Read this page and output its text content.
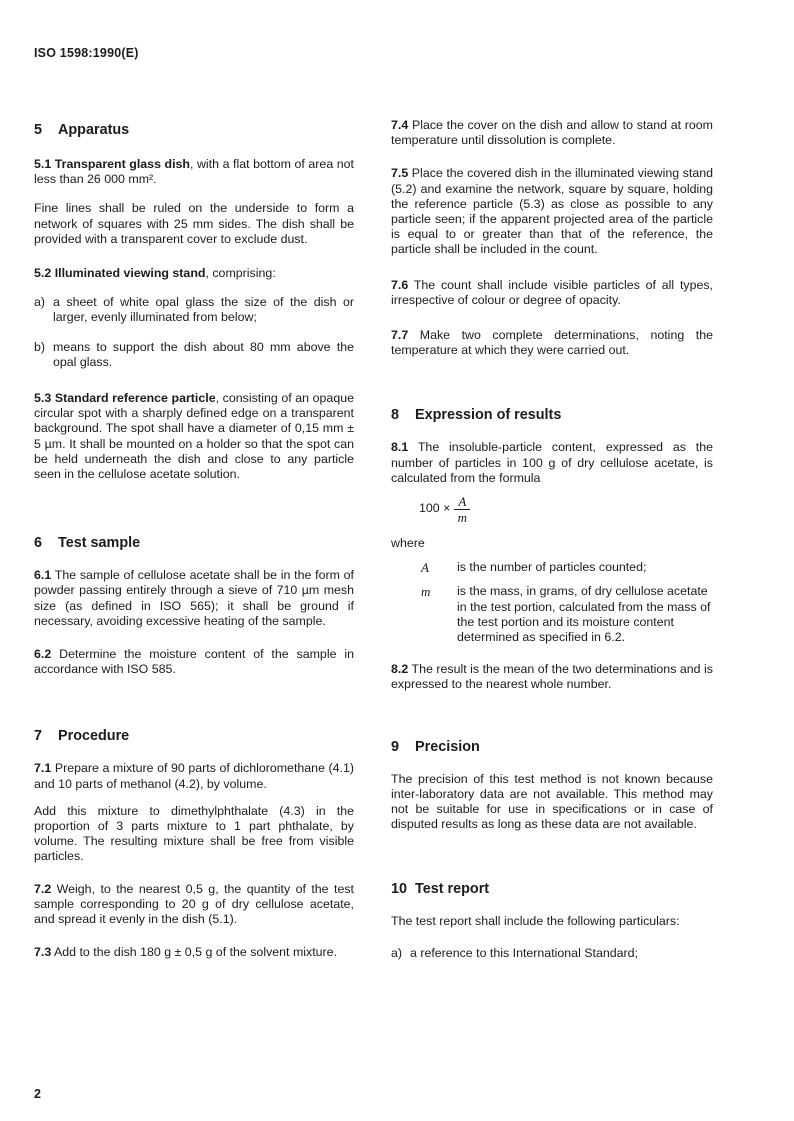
ISO 1598:1990(E)
5 Apparatus

5.1 Transparent glass dish, with a flat bottom of area not less than 26 000 mm².

Fine lines shall be ruled on the underside to form a network of squares with 25 mm sides. The dish shall be provided with a transparent cover to exclude dust.

5.2 Illuminated viewing stand, comprising:

a) a sheet of white opal glass the size of the dish or larger, evenly illuminated from below;
b) means to support the dish about 80 mm above the opal glass.

5.3 Standard reference particle, consisting of an opaque circular spot with a sharply defined edge on a transparent background. The spot shall have a diameter of 0,15 mm ± 5 µm. It shall be mounted on a holder so that the spot can be held underneath the dish and close to any particle seen in the cellulose acetate solution.

6 Test sample

6.1 The sample of cellulose acetate shall be in the form of powder passing entirely through a sieve of 710 µm mesh size (as defined in ISO 565); it shall be ground if necessary, avoiding excessive heating of the sample.

6.2 Determine the moisture content of the sample in accordance with ISO 585.

7 Procedure

7.1 Prepare a mixture of 90 parts of dichloromethane (4.1) and 10 parts of methanol (4.2), by volume.

Add this mixture to dimethylphthalate (4.3) in the proportion of 3 parts mixture to 1 part phthalate, by volume. The resulting mixture shall be free from visible particles.

7.2 Weigh, to the nearest 0,5 g, the quantity of the test sample corresponding to 20 g of dry cellulose acetate, and spread it evenly in the dish (5.1).

7.3 Add to the dish 180 g ± 0,5 g of the solvent mixture.

7.4 Place the cover on the dish and allow to stand at room temperature until dissolution is complete.

7.5 Place the covered dish in the illuminated viewing stand (5.2) and examine the network, square by square, holding the reference particle (5.3) as close as possible to any particle seen; if the apparent projected area of the particle is equal to or greater than that of the reference, the particle shall be included in the count.

7.6 The count shall include visible particles of all types, irrespective of colour or degree of opacity.

7.7 Make two complete determinations, noting the temperature at which they were carried out.

8 Expression of results

8.1 The insoluble-particle content, expressed as the number of particles in 100 g of dry cellulose acetate, is calculated from the formula

$100 \times \frac{A}{m}$

where

A	is the number of particles counted;
m	is the mass, in grams, of dry cellulose acetate in the test portion, calculated from the mass of the test portion and its moisture content determined as specified in 6.2.

8.2 The result is the mean of the two determinations and is expressed to the nearest whole number.

9 Precision

The precision of this test method is not known because inter-laboratory data are not available. This method may not be suitable for use in specifications or in case of disputed results as long as these data are not available.

10 Test report

The test report shall include the following particulars:

a) a reference to this International Standard;
2
